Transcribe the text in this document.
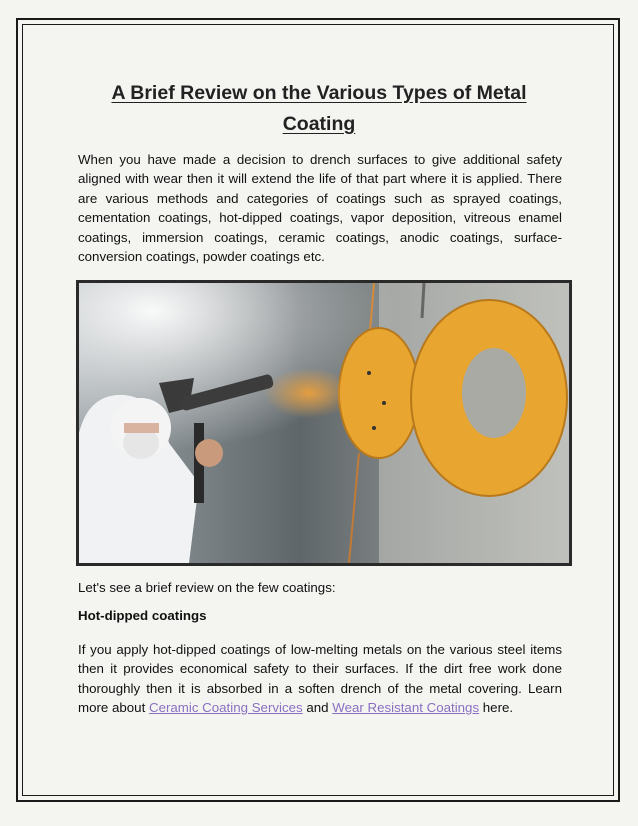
A Brief Review on the Various Types of Metal Coating
When you have made a decision to drench surfaces to give additional safety aligned with wear then it will extend the life of that part where it is applied. There are various methods and categories of coatings such as sprayed coatings, cementation coatings, hot-dipped coatings, vapor deposition, vitreous enamel coatings, immersion coatings, ceramic coatings, anodic coatings, surface-conversion coatings, powder coatings etc.
Let's see a brief review on the few coatings:
Hot-dipped coatings
If you apply hot-dipped coatings of low-melting metals on the various steel items then it provides economical safety to their surfaces. If the dirt free work done thoroughly then it is absorbed in a soften drench of the metal covering. Learn more about Ceramic Coating Services and Wear Resistant Coatings here.
